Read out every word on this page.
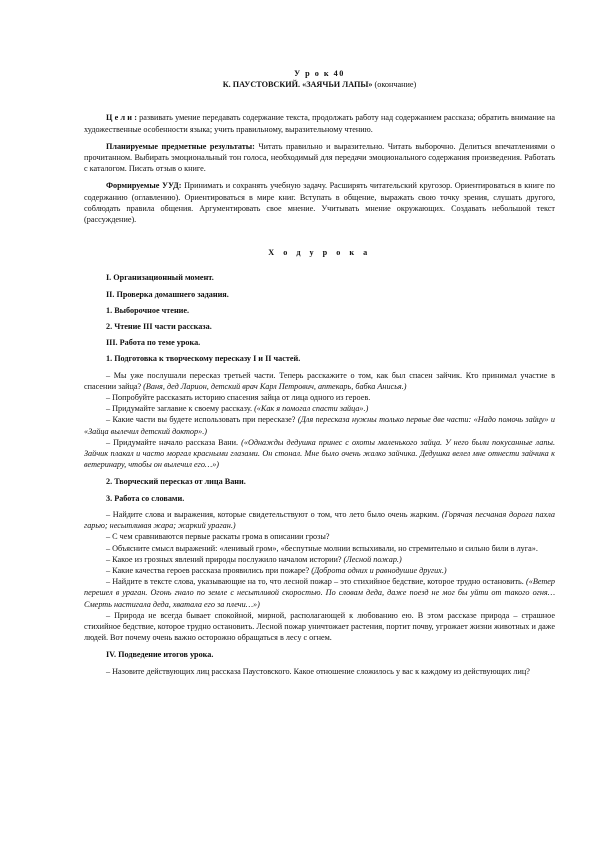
У р о к 40

К. ПАУСТОВСКИЙ. «ЗАЯЧЬИ ЛАПЫ» (окончание)

Ц е л и : развивать умение передавать содержание текста, продолжать работу над содержанием рассказа; обратить внимание на художественные особенности языка; учить правильному, выразительному чтению.

Планируемые предметные результаты: Читать правильно и выразительно. Читать выборочно. Делиться впечатлениями о прочитанном. Выбирать эмоциональный тон голоса, необходимый для передачи эмоционального содержания произведения. Работать с каталогом. Писать отзыв о книге.

Формируемые УУД: Принимать и сохранять учебную задачу. Расширять читательский кругозор. Ориентироваться в книге по содержанию (оглавлению). Ориентироваться в мире книг. Вступать в общение, выражать свою точку зрения, слушать другого, соблюдать правила общения. Аргументировать свое мнение. Учитывать мнение окружающих. Создавать небольшой текст (рассуждение).

Х о д у р о к а

I. Организационный момент.

II. Проверка домашнего задания.

1. Выборочное чтение.

2. Чтение III части рассказа.

III. Работа по теме урока.

1. Подготовка к творческому пересказу I и II частей.

– Мы уже послушали пересказ третьей части. Теперь расскажите о том, как был спасен зайчик. Кто принимал участие в спасении зайца? (Ваня, дед Ларион, детский врач Карл Петрович, аптекарь, бабка Анисья.)

– Попробуйте рассказать историю спасения зайца от лица одного из героев.

– Придумайте заглавие к своему рассказу. («Как я помогал спасти зайца».)

– Какие части вы будете использовать при пересказе? (Для пересказа нужны только первые две части: «Надо помочь зайцу» и «Зайца вылечил детский доктор».)

– Придумайте начало рассказа Вани. («Однажды дедушка принес с охоты маленького зайца. У него были покусанные лапы. Зайчик плакал и часто моргал красными глазами. Он стонал. Мне было очень жалко зайчика. Дедушка велел мне отнести зайчика к ветеринару, чтобы он вылечил его…»)

2. Творческий пересказ от лица Вани.

3. Работа со словами.

– Найдите слова и выражения, которые свидетельствуют о том, что лето было очень жарким. (Горячая песчаная дорога пахла гарью; несытливая жара; жаркий ураган.)

– С чем сравниваются первые раскаты грома в описании грозы?

– Объясните смысл выражений: «ленивый гром», «беспутные молнии вспыхивали, но стремительно и сильно били в луга».

– Какое из грозных явлений природы послужило началом истории? (Лесной пожар.)

– Какие качества героев рассказа проявились при пожаре? (Доброта одних и равнодушие других.)

– Найдите в тексте слова, указывающие на то, что лесной пожар – это стихийное бедствие, которое трудно остановить. («Ветер перешел в ураган. Огонь гнало по земле с несытливой скоростью. По словам деда, даже поезд не мог бы уйти от такого огня… Смерть настигала деда, хватала его за плечи…»)

– Природа не всегда бывает спокойной, мирной, располагающей к любованию ею. В этом рассказе природа – страшное стихийное бедствие, которое трудно остановить. Лесной пожар уничтожает растения, портит почву, угрожает жизни животных и даже людей. Вот почему очень важно осторожно обращаться в лесу с огнем.

IV. Подведение итогов урока.

– Назовите действующих лиц рассказа Паустовского. Какое отношение сложилось у вас к каждому из действующих лиц?
